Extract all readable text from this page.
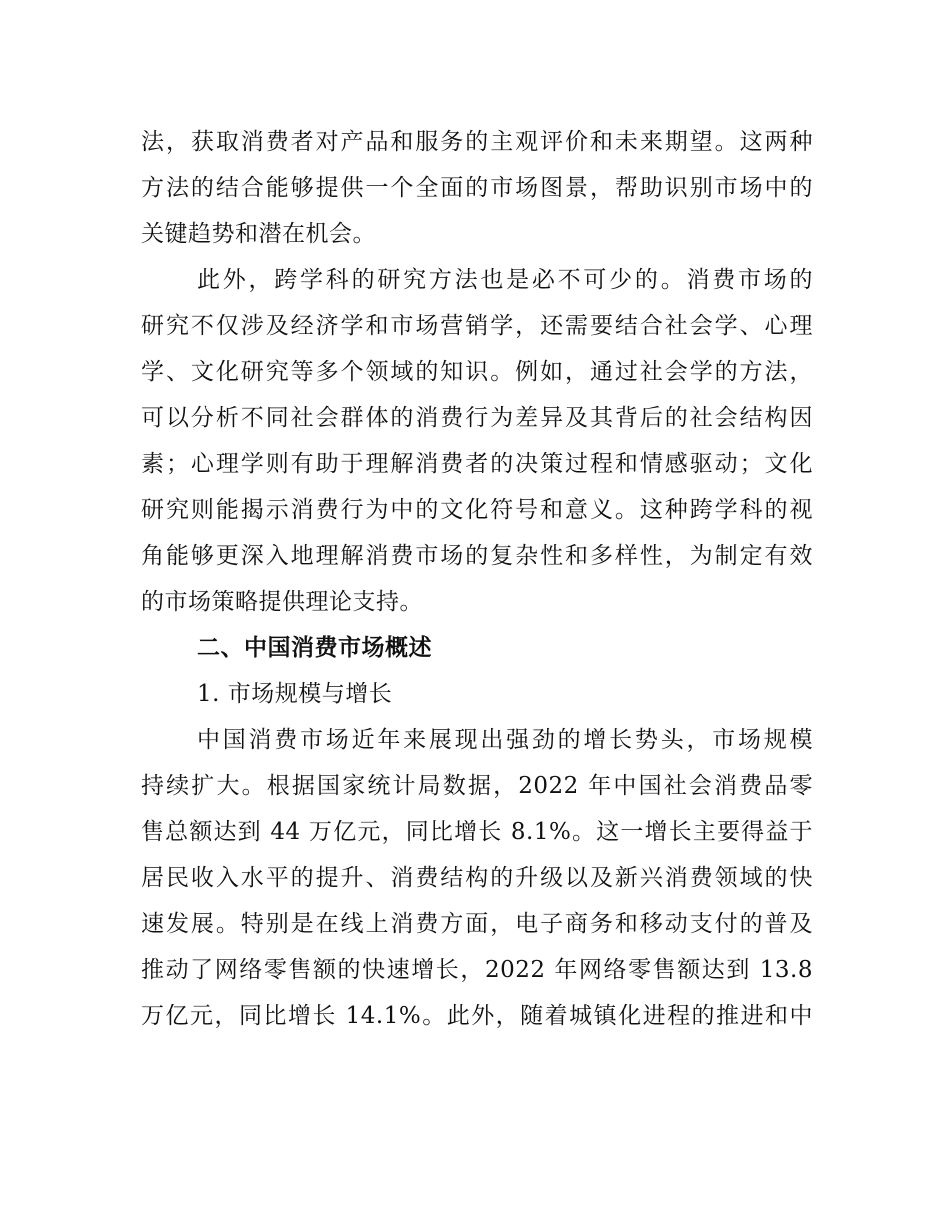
法，获取消费者对产品和服务的主观评价和未来期望。这两种
方法的结合能够提供一个全面的市场图景，帮助识别市场中的
关键趋势和潜在机会。
此外，跨学科的研究方法也是必不可少的。消费市场的
研究不仅涉及经济学和市场营销学，还需要结合社会学、心理
学、文化研究等多个领域的知识。例如，通过社会学的方法，
可以分析不同社会群体的消费行为差异及其背后的社会结构因
素；心理学则有助于理解消费者的决策过程和情感驱动；文化
研究则能揭示消费行为中的文化符号和意义。这种跨学科的视
角能够更深入地理解消费市场的复杂性和多样性，为制定有效
的市场策略提供理论支持。
二、中国消费市场概述
1. 市场规模与增长
中国消费市场近年来展现出强劲的增长势头，市场规模
持续扩大。根据国家统计局数据，2022 年中国社会消费品零
售总额达到 44 万亿元，同比增长 8.1%。这一增长主要得益于
居民收入水平的提升、消费结构的升级以及新兴消费领域的快
速发展。特别是在线上消费方面，电子商务和移动支付的普及
推动了网络零售额的快速增长，2022 年网络零售额达到 13.8
万亿元，同比增长 14.1%。此外，随着城镇化进程的推进和中
